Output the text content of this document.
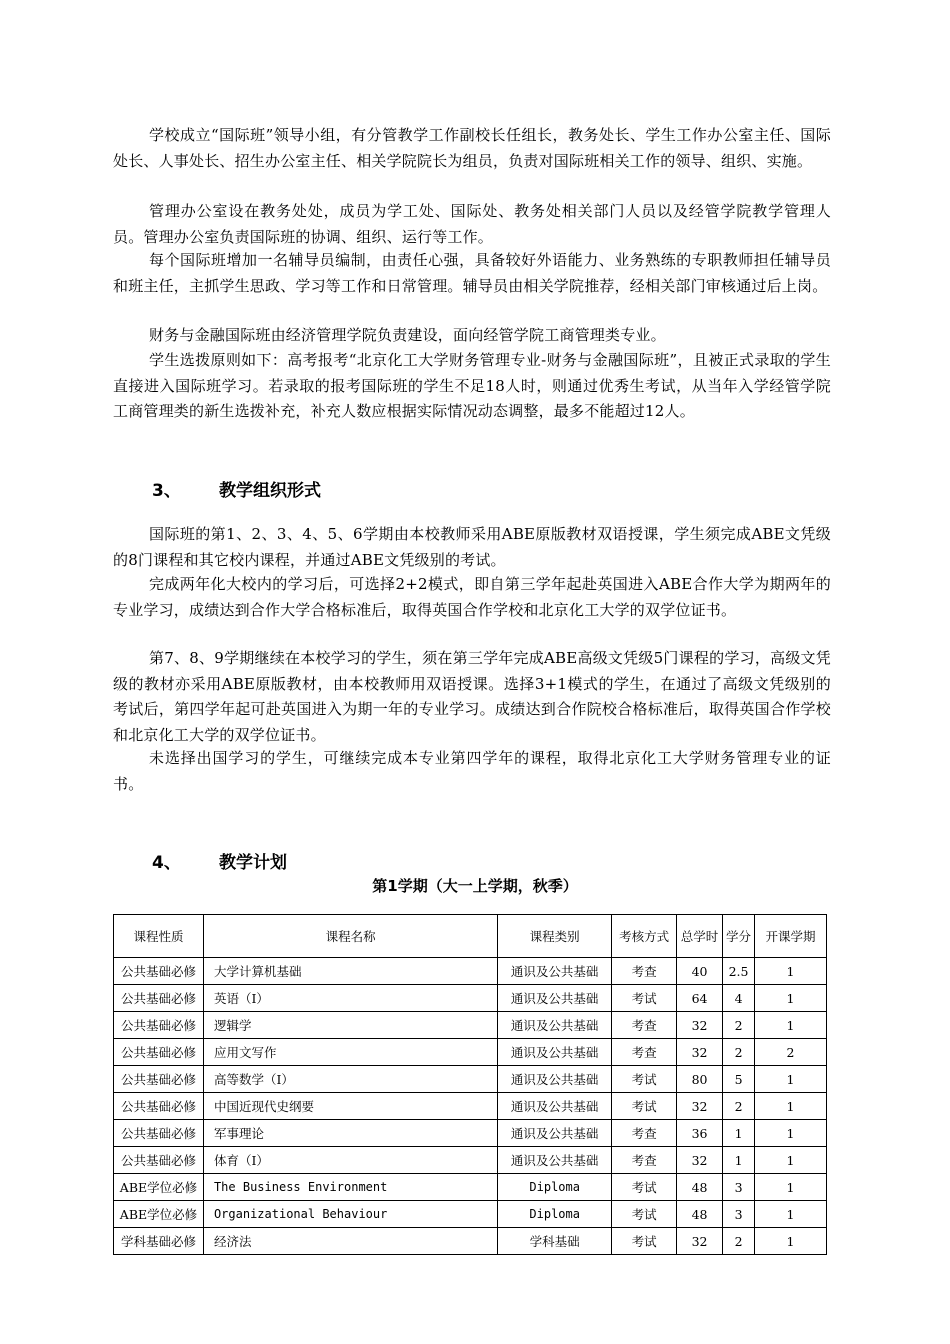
学校成立“国际班”领导小组，有分管教学工作副校长任组长，教务处长、学生工作办公室主任、国际处长、人事处长、招生办公室主任、相关学院院长为组员，负责对国际班相关工作的领导、组织、实施。

管理办公室设在教务处处，成员为学工处、国际处、教务处相关部门人员以及经管学院教学管理人员。管理办公室负责国际班的协调、组织、运行等工作。

每个国际班增加一名辅导员编制，由责任心强，具备较好外语能力、业务熟练的专职教师担任辅导员和班主任，主抓学生思政、学习等工作和日常管理。辅导员由相关学院推荐，经相关部门审核通过后上岗。

财务与金融国际班由经济管理学院负责建设，面向经管学院工商管理类专业。

学生选拨原则如下：高考报考“北京化工大学财务管理专业-财务与金融国际班”，且被正式录取的学生直接进入国际班学习。若录取的报考国际班的学生不足18人时，则通过优秀生考试，从当年入学经管学院工商管理类的新生选拨补充，补充人数应根据实际情况动态调整，最多不能超过12人。

3、 教学组织形式

国际班的第1、2、3、4、5、6学期由本校教师采用ABE原版教材双语授课，学生须完成ABE文凭级的8门课程和其它校内课程，并通过ABE文凭级别的考试。

完成两年化大校内的学习后，可选择2+2模式，即自第三学年起赴英国进入ABE合作大学为期两年的专业学习，成绩达到合作大学合格标准后，取得英国合作学校和北京化工大学的双学位证书。

第7、8、9学期继续在本校学习的学生，须在第三学年完成ABE高级文凭级5门课程的学习，高级文凭级的教材亦采用ABE原版教材，由本校教师用双语授课。选择3+1模式的学生，在通过了高级文凭级别的考试后，第四学年起可赴英国进入为期一年的专业学习。成绩达到合作院校合格标准后，取得英国合作学校和北京化工大学的双学位证书。

未选择出国学习的学生，可继续完成本专业第四学年的课程，取得北京化工大学财务管理专业的证书。

4、 教学计划
第1学期（大一上学期，秋季）
课程性质	课程名称	课程类别	考核方式	总学时	学分	开课学期
公共基础必修	大学计算机基础	通识及公共基础	考查	40	2.5	1
公共基础必修	英语（Ⅰ）	通识及公共基础	考试	64	4	1
公共基础必修	逻辑学	通识及公共基础	考查	32	2	1
公共基础必修	应用文写作	通识及公共基础	考查	32	2	2
公共基础必修	高等数学（Ⅰ）	通识及公共基础	考试	80	5	1
公共基础必修	中国近现代史纲要	通识及公共基础	考试	32	2	1
公共基础必修	军事理论	通识及公共基础	考查	36	1	1
公共基础必修	体育（Ⅰ）	通识及公共基础	考查	32	1	1
ABE学位必修	The Business Environment	Diploma	考试	48	3	1
ABE学位必修	Organizational Behaviour	Diploma	考试	48	3	1
学科基础必修	经济法	学科基础	考试	32	2	1
